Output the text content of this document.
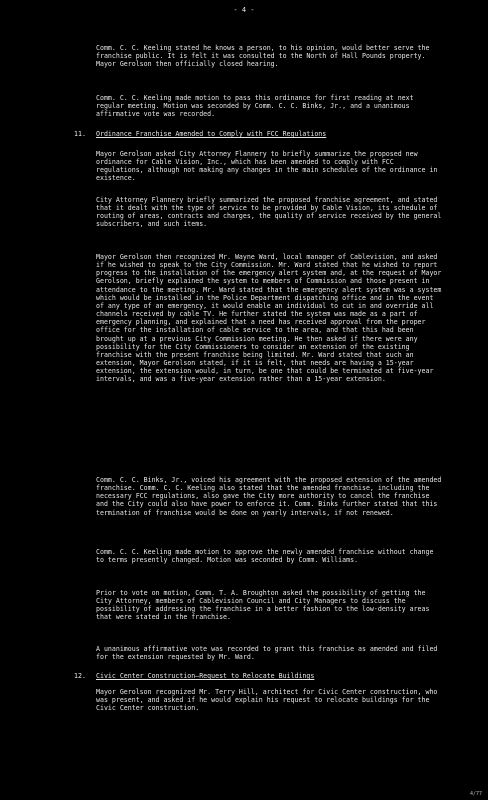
- 4 -

Comm. C. C. Keeling stated he knows a person, to his opinion, would better serve the franchise public. It is felt it was consulted to the North of Hall Pounds property. Mayor Gerolson then officially closed hearing.

Comm. C. C. Keeling made motion to pass this ordinance for first reading at next regular meeting. Motion was seconded by Comm. C. C. Binks, Jr., and a unanimous affirmative vote was recorded.

11. Ordinance Franchise Amended to Comply with FCC Regulations

Mayor Gerolson asked City Attorney Flannery to briefly summarize the proposed new ordinance for Cable Vision, Inc., which has been amended to comply with FCC regulations, although not making any changes in the main schedules of the ordinance in existence.

City Attorney Flannery briefly summarized the proposed franchise agreement, and stated that it dealt with the type of service to be provided by Cable Vision, its schedule of routing of areas, contracts and charges, the quality of service received by the general subscribers, and such items.

Mayor Gerolson then recognized Mr. Wayne Ward, local manager of Cablevision, and asked if he wished to speak to the City Commission. Mr. Ward stated that he wished to report progress to the installation of the emergency alert system and, at the request of Mayor Gerolson, briefly explained the system to members of Commission and those present in attendance to the meeting. Mr. Ward stated that the emergency alert system was a system which would be installed in the Police Department dispatching office and in the event of any type of an emergency, it would enable an individual to cut in and override all channels received by cable TV. He further stated the system was made as a part of emergency planning, and explained that a need has received approval from the proper office for the installation of cable service to the area, and that this had been brought up at a previous City Commission meeting. He then asked if there were any possibility for the City Commissioners to consider an extension of the existing franchise with the present franchise being limited. Mr. Ward stated that such an extension, Mayor Gerolson stated, if it is felt, that needs are having a 15-year extension, the extension would, in turn, be one that could be terminated at five-year intervals, and was a five-year extension rather than a 15-year extension.

Comm. C. C. Binks, Jr., voiced his agreement with the proposed extension of the amended franchise. Comm. C. C. Keeling also stated that the amended franchise, including the necessary FCC regulations, also gave the City more authority to cancel the franchise and the City could also have power to enforce it. Comm. Binks further stated that this termination of franchise would be done on yearly intervals, if not renewed.

Comm. C. C. Keeling made motion to approve the newly amended franchise without change to terms presently changed. Motion was seconded by Comm. Williams.

Prior to vote on motion, Comm. T. A. Broughton asked the possibility of getting the City Attorney, members of Cablevision Council and City Managers to discuss the possibility of addressing the franchise in a better fashion to the low-density areas that were stated in the franchise.

A unanimous affirmative vote was recorded to grant this franchise as amended and filed for the extension requested by Mr. Ward.

12. Civic Center Construction—Request to Relocate Buildings

Mayor Gerolson recognized Mr. Terry Hill, architect for Civic Center construction, who was present, and asked if he would explain his request to relocate buildings for the Civic Center construction.

4/77
